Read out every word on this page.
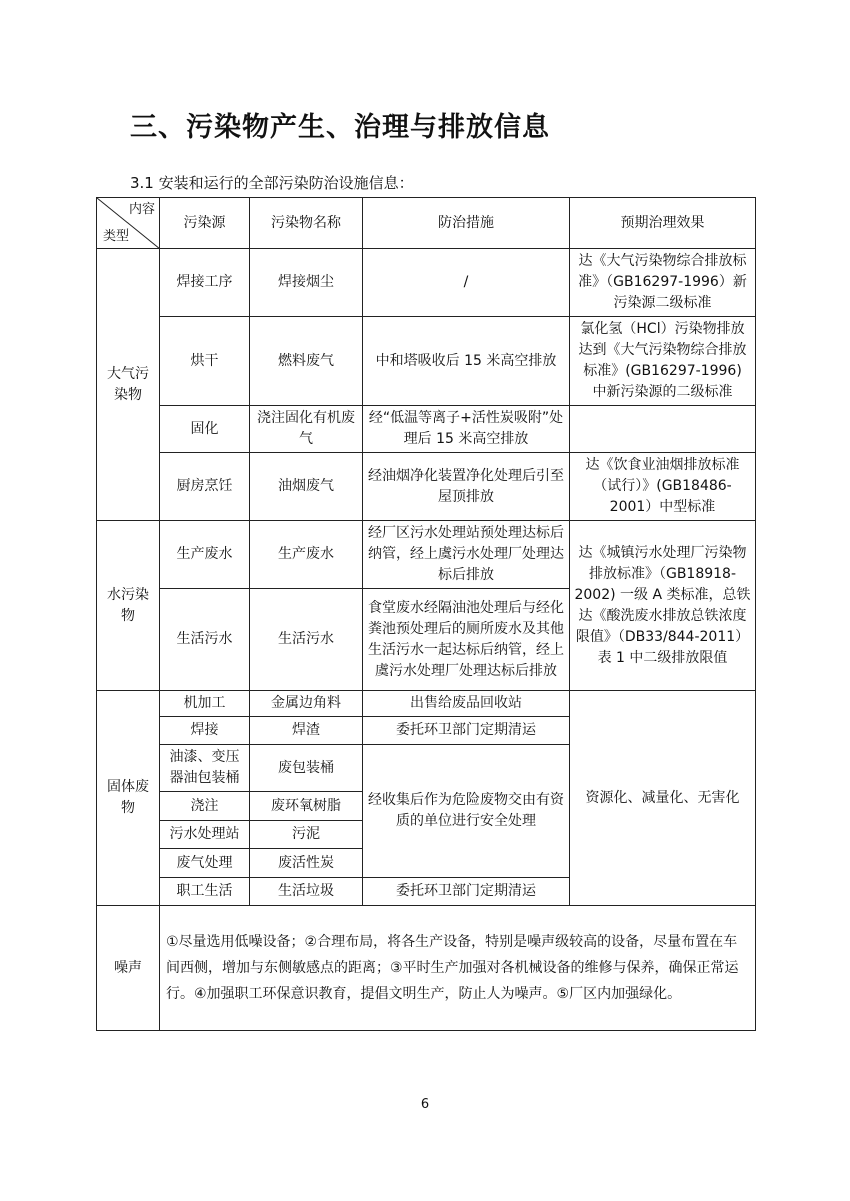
三、污染物产生、治理与排放信息
3.1 安装和运行的全部污染防治设施信息：
内容
类型	污染源	污染物名称	防治措施	预期治理效果
大气污染物	焊接工序	焊接烟尘	/	达《大气污染物综合排放标准》（GB16297-1996）新污染源二级标准
	烘干	燃料废气	中和塔吸收后 15 米高空排放	氯化氢（HCl）污染物排放达到《大气污染物综合排放标准》(GB16297-1996) 中新污染源的二级标准
	固化	浇注固化有机废气	经“低温等离子+活性炭吸附”处理后 15 米高空排放	
	厨房烹饪	油烟废气	经油烟净化装置净化处理后引至屋顶排放	达《饮食业油烟排放标准（试行）》(GB18486-2001）中型标准
水污染物	生产废水	生产废水	经厂区污水处理站预处理达标后纳管，经上虞污水处理厂处理达标后排放	达《城镇污水处理厂污染物排放标准》（GB18918-2002) 一级 A 类标准，总铁达《酸洗废水排放总铁浓度限值》（DB33/844-2011）表 1 中二级排放限值
	生活污水	生活污水	食堂废水经隔油池处理后与经化粪池预处理后的厕所废水及其他生活污水一起达标后纳管，经上虞污水处理厂处理达标后排放	
固体废物	机加工	金属边角料	出售给废品回收站	资源化、减量化、无害化
	焊接	焊渣	委托环卫部门定期清运	
	油漆、变压器油包装桶	废包装桶	经收集后作为危险废物交由有资质的单位进行安全处理	
	浇注	废环氧树脂		
	污水处理站	污泥		
	废气处理	废活性炭		
	职工生活	生活垃圾	委托环卫部门定期清运	
噪声	①尽量选用低噪设备；②合理布局，将各生产设备，特别是噪声级较高的设备，尽量布置在车间西侧，增加与东侧敏感点的距离；③平时生产加强对各机械设备的维修与保养，确保正常运行。④加强职工环保意识教育，提倡文明生产，防止人为噪声。⑤厂区内加强绿化。			
6
